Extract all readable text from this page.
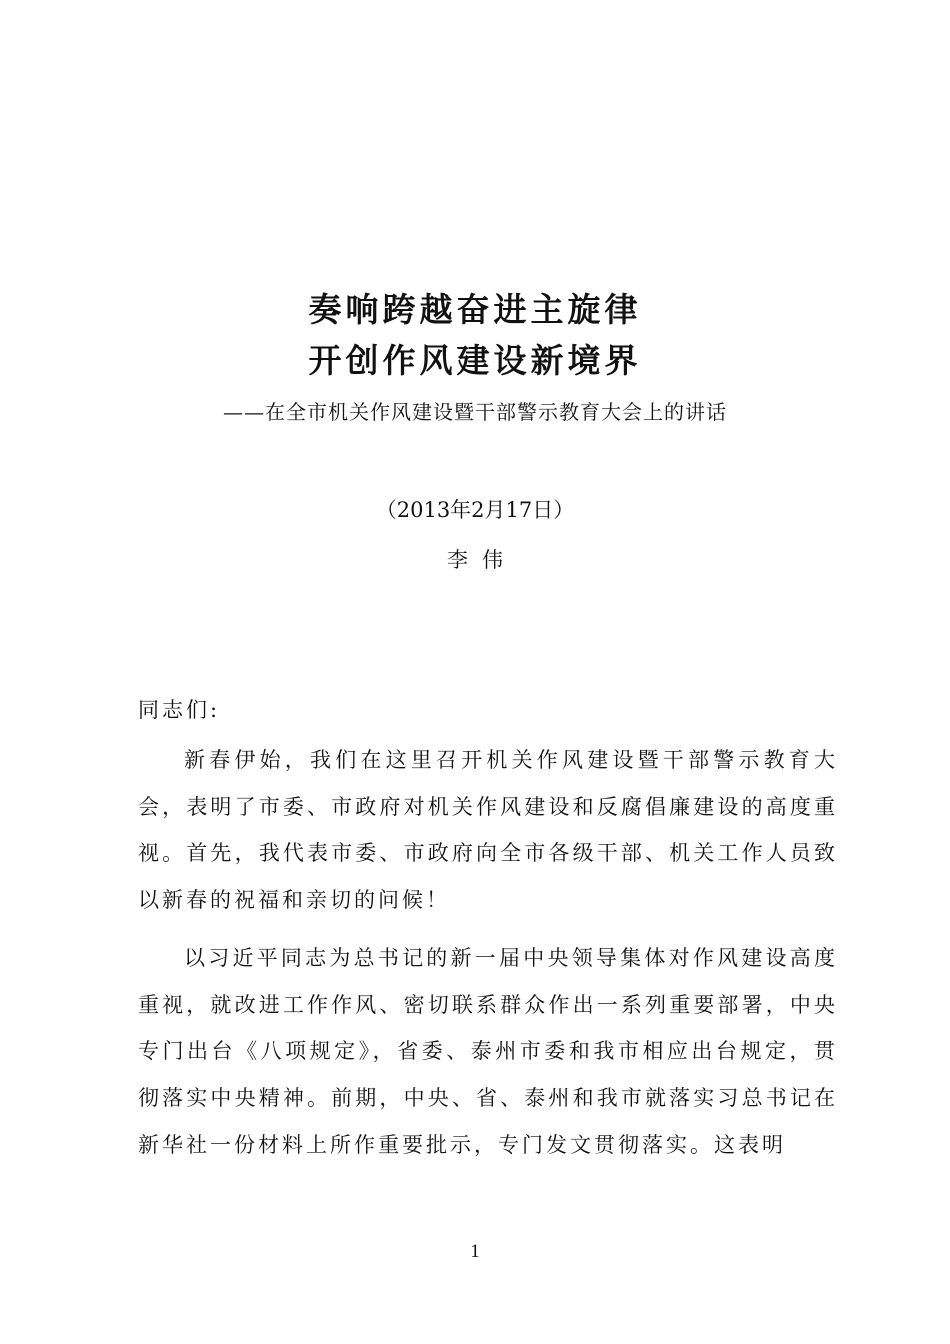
奏响跨越奋进主旋律
开创作风建设新境界
——在全市机关作风建设暨干部警示教育大会上的讲话
（2013年2月17日）
李伟
同志们:

新春伊始，我们在这里召开机关作风建设暨干部警示教育大会，表明了市委、市政府对机关作风建设和反腐倡廉建设的高度重视。首先，我代表市委、市政府向全市各级干部、机关工作人员致以新春的祝福和亲切的问候！

以习近平同志为总书记的新一届中央领导集体对作风建设高度重视，就改进工作作风、密切联系群众作出一系列重要部署，中央专门出台《八项规定》，省委、泰州市委和我市相应出台规定，贯彻落实中央精神。前期，中央、省、泰州和我市就落实习总书记在新华社一份材料上所作重要批示，专门发文贯彻落实。这表明

1
